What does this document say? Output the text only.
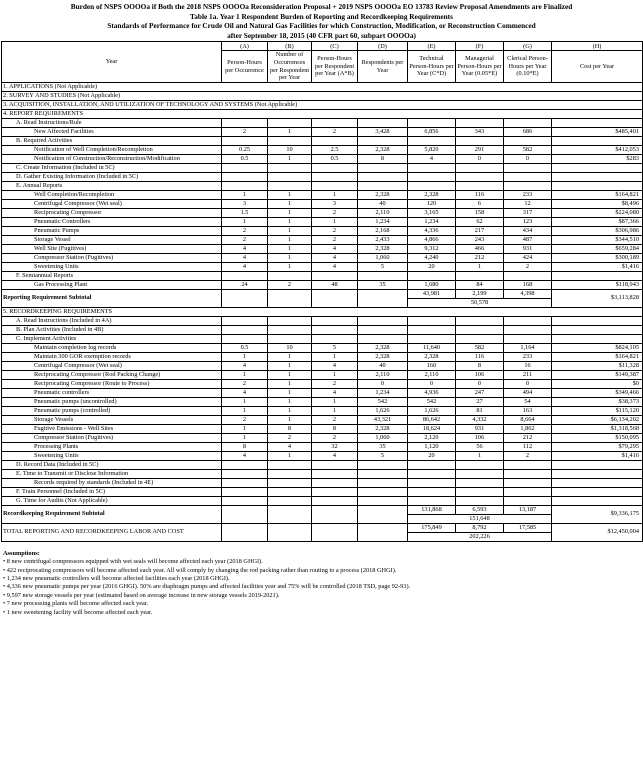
Burden of NSPS OOOOa if Both the 2018 NSPS OOOOa Reconsideration Proposal + 2019 NSPS OOOOa EO 13783 Review Proposal Amendments are Finalized
Table 1a. Year 1 Respondent Burden of Reporting and Recordkeeping Requirements
Standards of Performance for Crude Oil and Natural Gas Facilities for which Construction, Modification, or Reconstruction Commenced
after September 18, 2015 (40 CFR part 60, subpart OOOOa)
Year	(A)	(B)	(C)	(D)	(E)	(F)	(G)	(H)
	Person-Hours per Occurrence	Number of Occurrences per Respondent per Year	Person-Hours per Respondent per Year (A*B)	Respondents per Year	Technical Person-Hours per Year (C*D)	Managerial Person-Hours per Year (0.05*E)	Clerical Person-Hours per Year (0.10*E)	Cost per Year
1. APPLICATIONS (Not Applicable)								
2. SURVEY AND STUDIES (Not Applicable)								
3. ACQUISITION, INSTALLATION, AND UTILIZATION OF TECHNOLOGY AND SYSTEMS (Not Applicable)								
4. REPORT REQUIREMENTS								
A. Read Instructions/Rule								
New Affected Facilities	2	1	2	3,428	6,856	343	686	$485,401
B. Required Activities								
Notification of Well Completion/Recompletion	0.25	10	2.5	2,328	5,820	291	582	$412,053
Notification of Construction/Reconstruction/Modification	0.5	1	0.5	8	4	0	0	$283
C. Create Information (Included in 5C)								
D. Gather Existing Information (Included in 5C)								
E. Annual Reports								
Well Completion/Recompletion	1	1	1	2,328	2,328	116	233	$164,821
Centrifugal Compressor (Wet seal)	3	1	3	40	120	6	12	$8,496
Reciprocating Compressor	1.5	1	2	2,110	3,165	158	317	$224,080
Pneumatic Controllers	1	1	1	1,234	1,234	62	123	$87,366
Pneumatic Pumps	2	1	2	2,168	4,336	217	434	$306,986
Storage Vessel	2	1	2	2,433	4,866	243	487	$344,510
Well Site (Fugitives)	4	1	4	2,328	9,312	466	931	$659,284
Compressor Station (Fugitives)	4	1	4	1,060	4,240	212	424	$300,189
Sweetening Units	4	1	4	5	20	1	2	$1,416
F. Semiannual Reports								
Gas Processing Plant	24	2	48	35	1,680	84	168	$118,943
Reporting Requirement Subtotal					43,981	2,199	4,398	$3,113,828
					50,578			
5. RECORDKEEPING REQUIREMENTS								
A. Read Instructions (Included in 4A)								
B. Plan Activities (Included in 4B)								
C. Implement Activities								
Maintain completion log records	0.5	10	5	2,328	11,640	582	1,164	$824,105
Maintain 300 GOR exemption records	1	1	1	2,328	2,328	116	233	$164,821
Centrifugal Compressor (Wet seal)	4	1	4	40	160	8	16	$11,328
Reciprocating Compressor (Rod Packing Change)	1	1	1	2,110	2,110	106	211	$149,387
Reciprocating Compressor (Route to Process)	2	1	2	0	0	0	0	$0
Pneumatic controllers	4	1	4	1,234	4,936	247	494	$349,466
Pneumatic pumps (uncontrolled)	1	1	1	542	542	27	54	$38,373
Pneumatic pumps (controlled)	1	1	1	1,626	1,626	81	163	$115,120
Storage Vessels	2	1	2	43,321	86,642	4,332	8,664	$6,134,202
Fugitive Emissions - Well Sites	1	8	8	2,328	18,624	931	1,862	$1,318,568
Compressor Station (Fugitives)	1	2	2	1,060	2,120	106	212	$150,095
Processing Plants	8	4	32	35	1,120	56	112	$79,295
Sweetening Units	4	1	4	5	20	1	2	$1,416
D. Record Data (Included in 5C)								
E. Time to Transmit or Disclose Information								
Records required by standards (Included in 4E)								
F. Train Personnel (Included in 5C)								
G. Time for Audits (Not Applicable)								
Recordkeeping Requirement Subtotal					131,868	6,593	13,187	$9,336,175
					151,648			
TOTAL REPORTING AND RECORDKEEPING LABOR AND COST					175,849	8,792	17,585	$12,450,004
					202,226			
Assumptions:
• 8 new centrifugal compressors equipped with wet seals will become affected each year (2018 GHGI).
• 422 reciprocating compressors will become affected each year. All will comply by changing the rod packing rather than routing to a process (2018 GHGI).
• 1,234 new pneumatic controllers will become affected facilities each year (2018 GHGI).
• 4,336 new pneumatic pumps per year (2016 GHGI). 50% are diaphragm pumps and affected facilities year and 75% will be controlled (2018 TSD, page 92-93).
• 9,597 new storage vessels per year (estimated based on average increase in new storage vessels 2019-2021).
• 7 new processing plants will become affected each year.
• 1 new sweetening facility will become affected each year.
